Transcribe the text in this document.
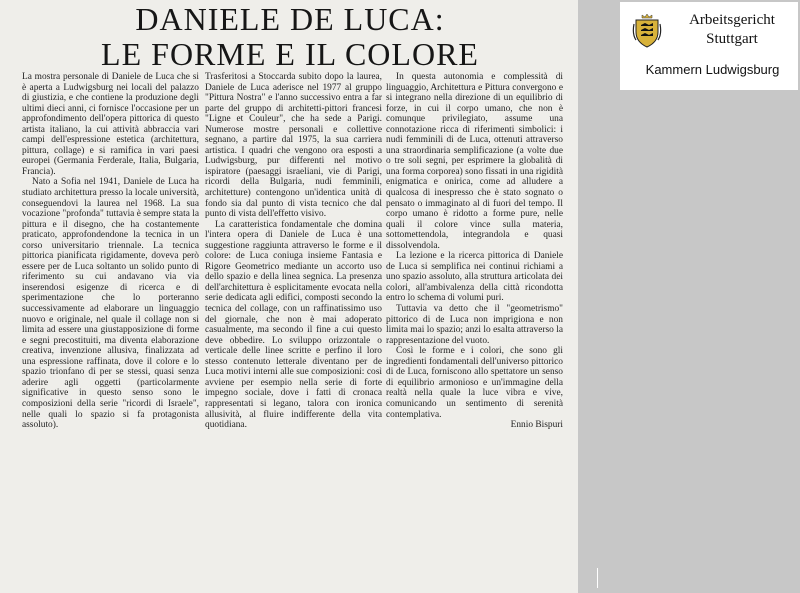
DANIELE DE LUCA:
LE FORME E IL COLORE

La mostra personale di Daniele de Luca che si è aperta a Ludwigsburg nei locali del palazzo di giustizia, e che contiene la produzione degli ultimi dieci anni, ci fornisce l'occasione per un approfondimento dell'opera pittorica di questo artista italiano, la cui attività abbraccia vari campi dell'espressione estetica (architettura, pittura, collage) e si ramifica in vari paesi europei (Germania Ferderale, Italia, Bulgaria, Francia).

Nato a Sofia nel 1941, Daniele de Luca ha studiato architettura presso la locale università, conseguendovi la laurea nel 1968. La sua vocazione "profonda" tuttavia è sempre stata la pittura e il disegno, che ha costantemente praticato, approfondendone la tecnica in un corso universitario triennale. La tecnica pittorica pianificata rigidamente, doveva però essere per de Luca soltanto un solido punto di riferimento su cui andavano via via inserendosi esigenze di ricerca e di sperimentazione che lo porteranno successivamente ad elaborare un linguaggio nuovo e originale, nel quale il collage non si limita ad essere una giustapposizione di forme e segni precostituiti, ma diventa elaborazione creativa, invenzione allusiva, finalizzata ad una espressione raffinata, dove il colore e lo spazio trionfano di per se stessi, quasi senza aderire agli oggetti (particolarmente significative in questo senso sono le composizioni della serie "ricordi di Israele", nelle quali lo spazio si fa protagonista assoluto).

Trasferitosi a Stoccarda subito dopo la laurea, Daniele de Luca aderisce nel 1977 al gruppo "Pittura Nostra" e l'anno successivo entra a far parte del gruppo di architetti-pittori francesi "Ligne et Couleur", che ha sede a Parigi. Numerose mostre personali e collettive segnano, a partire dal 1975, la sua carriera artistica. I quadri che vengono ora esposti a Ludwigsburg, pur differenti nel motivo ispiratore (paesaggi israeliani, vie di Parigi, ricordi della Bulgaria, nudi femminili, architetture) contengono un'identica unità di fondo sia dal punto di vista tecnico che dal punto di vista dell'effetto visivo.

La caratteristica fondamentale che domina l'intera opera di Daniele de Luca è una suggestione raggiunta attraverso le forme e il colore: de Luca coniuga insieme Fantasia e Rigore Geometrico mediante un accorto uso dello spazio e della linea segnica. La presenza dell'architettura è esplicitamente evocata nella serie dedicata agli edifici, composti secondo la tecnica del collage, con un raffinatissimo uso del giornale, che non è mai adoperato casualmente, ma secondo il fine a cui questo deve obbedire. Lo sviluppo orizzontale o verticale delle linee scritte e perfino il loro stesso contenuto letterale diventano per de Luca motivi interni alle sue composizioni: così avviene per esempio nella serie di forte impegno sociale, dove i fatti di cronaca rappresentati si legano, talora con ironica allusività, al fluire indifferente della vita quotidiana.

In questa autonomia e complessità di linguaggio, Architettura e Pittura convergono e si integrano nella direzione di un equilibrio di forze, in cui il corpo umano, che non è comunque privilegiato, assume una connotazione ricca di riferimenti simbolici: i nudi femminili di de Luca, ottenuti attraverso una straordinaria semplificazione (a volte due o tre soli segni, per esprimere la globalità di una forma corporea) sono fissati in una rigidità enigmatica e onirica, come ad alludere a qualcosa di inespresso che è stato sognato o pensato o immaginato al di fuori del tempo. Il corpo umano è ridotto a forme pure, nelle quali il colore vince sulla materia, sottomettendola, integrandola e quasi dissolvendola.

La lezione e la ricerca pittorica di Daniele de Luca si semplifica nei continui richiami a uno spazio assoluto, alla struttura articolata dei colori, all'ambivalenza della città ricondotta entro lo schema di volumi puri.

Tuttavia va detto che il "geometrismo" pittorico di de Luca non imprigiona e non limita mai lo spazio; anzi lo esalta attraverso la rappresentazione del vuoto.

Così le forme e i colori, che sono gli ingredienti fondamentali dell'universo pittorico di de Luca, forniscono allo spettatore un senso di equilibrio armonioso e un'immagine della realtà nella quale la luce vibra e vive, comunicando un sentimento di serenità contemplativa.

Ennio Bispuri
Arbeitsgericht
Stuttgart
Kammern Ludwigsburg
